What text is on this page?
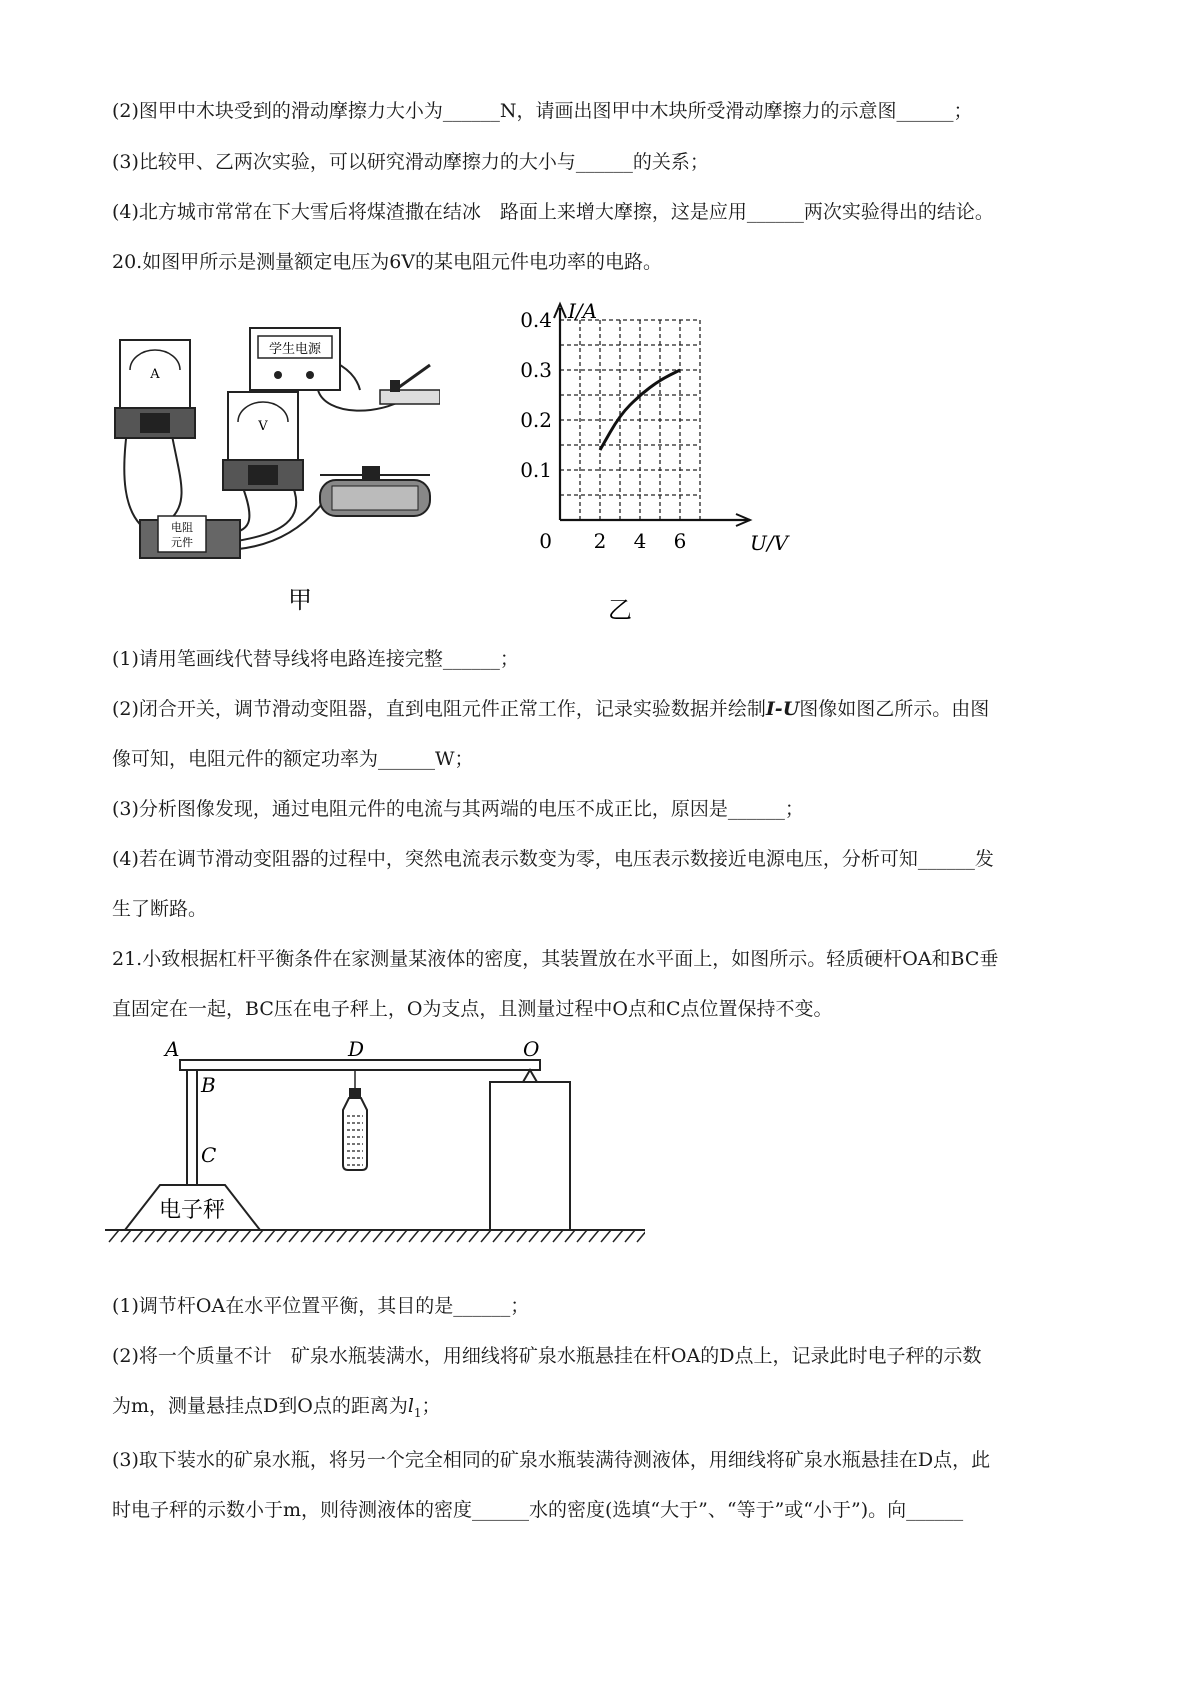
(2)图甲中木块受到的滑动摩擦力大小为______N，请画出图甲中木块所受滑动摩擦力的示意图______；
(3)比较甲、乙两次实验，可以研究滑动摩擦力的大小与______的关系；
(4)北方城市常常在下大雪后将煤渣撒在结冰　路面上来增大摩擦，这是应用______两次实验得出的结论。
20.如图甲所示是测量额定电压为6V的某电阻元件电功率的电路。
学生电源
A
V
电阻
元件
甲
2 4 6
0.1
0.2
0.3
0.4 I/A
U/V
0
乙
(1)请用笔画线代替导线将电路连接完整______；
(2)闭合开关，调节滑动变阻器，直到电阻元件正常工作，记录实验数据并绘制I-U图像如图乙所示。由图
像可知，电阻元件的额定功率为______W；
(3)分析图像发现，通过电阻元件的电流与其两端的电压不成正比，原因是______；
(4)若在调节滑动变阻器的过程中，突然电流表示数变为零，电压表示数接近电源电压，分析可知______发
生了断路。
21.小致根据杠杆平衡条件在家测量某液体的密度，其装置放在水平面上，如图所示。轻质硬杆OA和BC垂
直固定在一起，BC压在电子秤上，O为支点，且测量过程中O点和C点位置保持不变。
电子秤
A
B
C
D	O
(1)调节杆OA在水平位置平衡，其目的是______；
(2)将一个质量不计　矿泉水瓶装满水，用细线将矿泉水瓶悬挂在杆OA的D点上，记录此时电子秤的示数
为m，测量悬挂点D到O点的距离为$l_1$；
(3)取下装水的矿泉水瓶，将另一个完全相同的矿泉水瓶装满待测液体，用细线将矿泉水瓶悬挂在D点，此
时电子秤的示数小于m，则待测液体的密度______水的密度(选填“大于”、“等于”或“小于”)。向______
